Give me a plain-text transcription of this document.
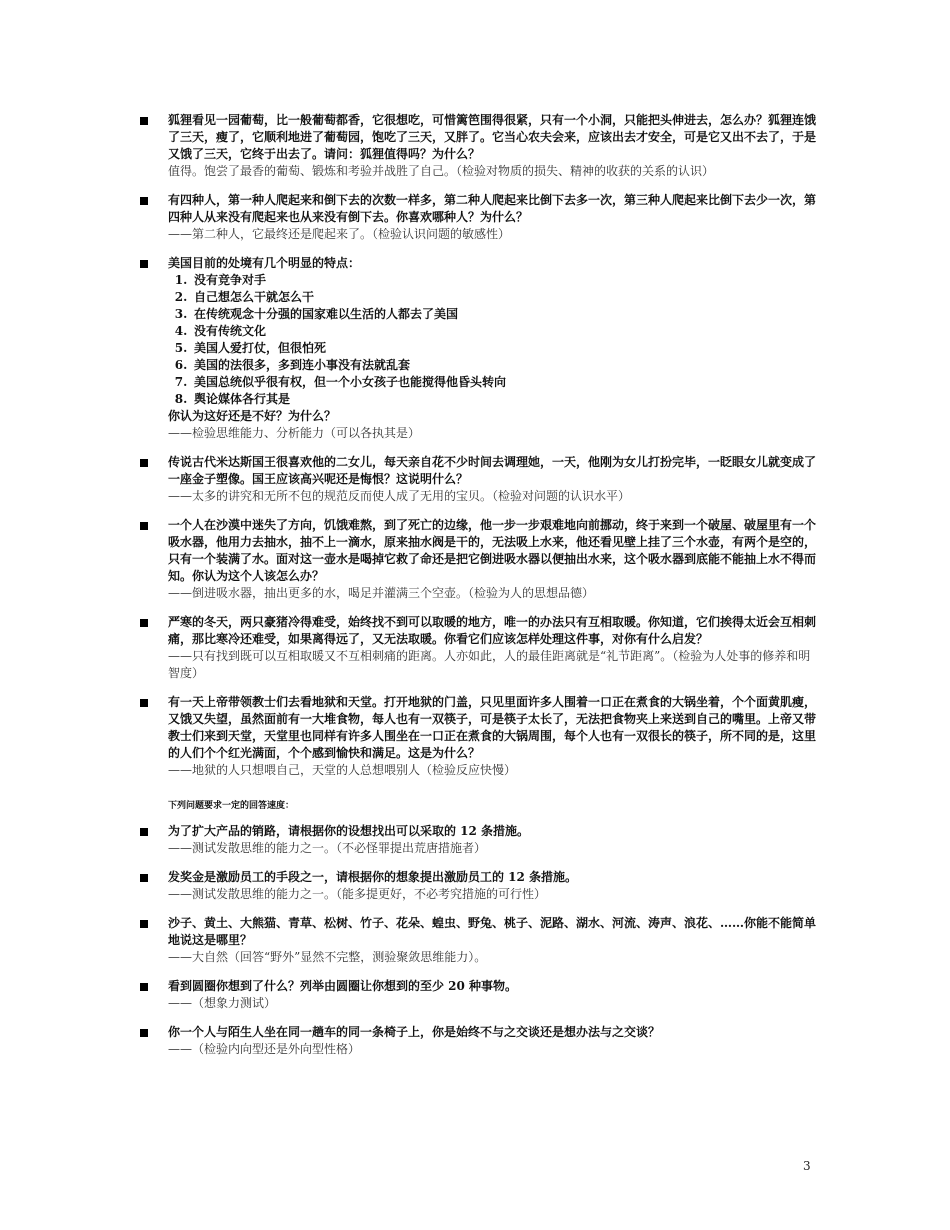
狐狸看见一园葡萄，比一般葡萄都香，它很想吃，可惜篱笆围得很紧，只有一个小洞，只能把头伸进去，怎么办？狐狸连饿了三天，瘦了，它顺利地进了葡萄园，饱吃了三天，又胖了。它当心农夫会来，应该出去才安全，可是它又出不去了，于是又饿了三天，它终于出去了。请问：狐狸值得吗？为什么？

值得。饱尝了最香的葡萄、锻炼和考验并战胜了自己。（检验对物质的损失、精神的收获的关系的认识）

有四种人，第一种人爬起来和倒下去的次数一样多，第二种人爬起来比倒下去多一次，第三种人爬起来比倒下去少一次，第四种人从来没有爬起来也从来没有倒下去。你喜欢哪种人？为什么？

——第二种人，它最终还是爬起来了。（检验认识问题的敏感性）

美国目前的处境有几个明显的特点：

1. 没有竞争对手
2. 自己想怎么干就怎么干
3. 在传统观念十分强的国家难以生活的人都去了美国
4. 没有传统文化
5. 美国人爱打仗，但很怕死
6. 美国的法很多，多到连小事没有法就乱套
7. 美国总统似乎很有权，但一个小女孩子也能搅得他昏头转向
8. 舆论媒体各行其是

你认为这好还是不好？为什么？

——检验思维能力、分析能力（可以各执其是）

传说古代米达斯国王很喜欢他的二女儿，每天亲自花不少时间去调理她，一天，他刚为女儿打扮完毕，一眨眼女儿就变成了一座金子塑像。国王应该高兴呢还是悔恨？这说明什么？

——太多的讲究和无所不包的规范反而使人成了无用的宝贝。（检验对问题的认识水平）

一个人在沙漠中迷失了方向，饥饿难熬，到了死亡的边缘，他一步一步艰难地向前挪动，终于来到一个破屋、破屋里有一个吸水器，他用力去抽水，抽不上一滴水，原来抽水阀是干的，无法吸上水来，他还看见壁上挂了三个水壶，有两个是空的，只有一个装满了水。面对这一壶水是喝掉它救了命还是把它倒进吸水器以便抽出水来，这个吸水器到底能不能抽上水不得而知。你认为这个人该怎么办？

——倒进吸水器，抽出更多的水，喝足并灌满三个空壶。（检验为人的思想品德）

严寒的冬天，两只豪猪冷得难受，始终找不到可以取暖的地方，唯一的办法只有互相取暖。你知道，它们挨得太近会互相刺痛，那比寒冷还难受，如果离得远了，又无法取暖。你看它们应该怎样处理这件事，对你有什么启发？

——只有找到既可以互相取暖又不互相刺痛的距离。人亦如此，人的最佳距离就是“礼节距离”。（检验为人处事的修养和明智度）

有一天上帝带领教士们去看地狱和天堂。打开地狱的门盖，只见里面许多人围着一口正在煮食的大锅坐着，个个面黄肌瘦，又饿又失望，虽然面前有一大堆食物，每人也有一双筷子，可是筷子太长了，无法把食物夹上来送到自己的嘴里。上帝又带教士们来到天堂，天堂里也同样有许多人围坐在一口正在煮食的大锅周围，每个人也有一双很长的筷子，所不同的是，这里的人们个个红光满面，个个感到愉快和满足。这是为什么？

——地狱的人只想喂自己，天堂的人总想喂别人（检验反应快慢）

下列问题要求一定的回答速度：

为了扩大产品的销路，请根据你的设想找出可以采取的 12 条措施。

——测试发散思维的能力之一。（不必怪罪提出荒唐措施者）

发奖金是激励员工的手段之一，请根据你的想象提出激励员工的 12 条措施。

——测试发散思维的能力之一。（能多提更好，不必考究措施的可行性）

沙子、黄土、大熊猫、青草、松树、竹子、花朵、蝗虫、野兔、桃子、泥路、湖水、河流、涛声、浪花、……你能不能简单地说这是哪里？

——大自然（回答“野外”显然不完整，测验聚敛思维能力）。

看到圆圈你想到了什么？列举由圆圈让你想到的至少 20 种事物。

——（想象力测试）

你一个人与陌生人坐在同一趟车的同一条椅子上，你是始终不与之交谈还是想办法与之交谈？

——（检验内向型还是外向型性格）

3
